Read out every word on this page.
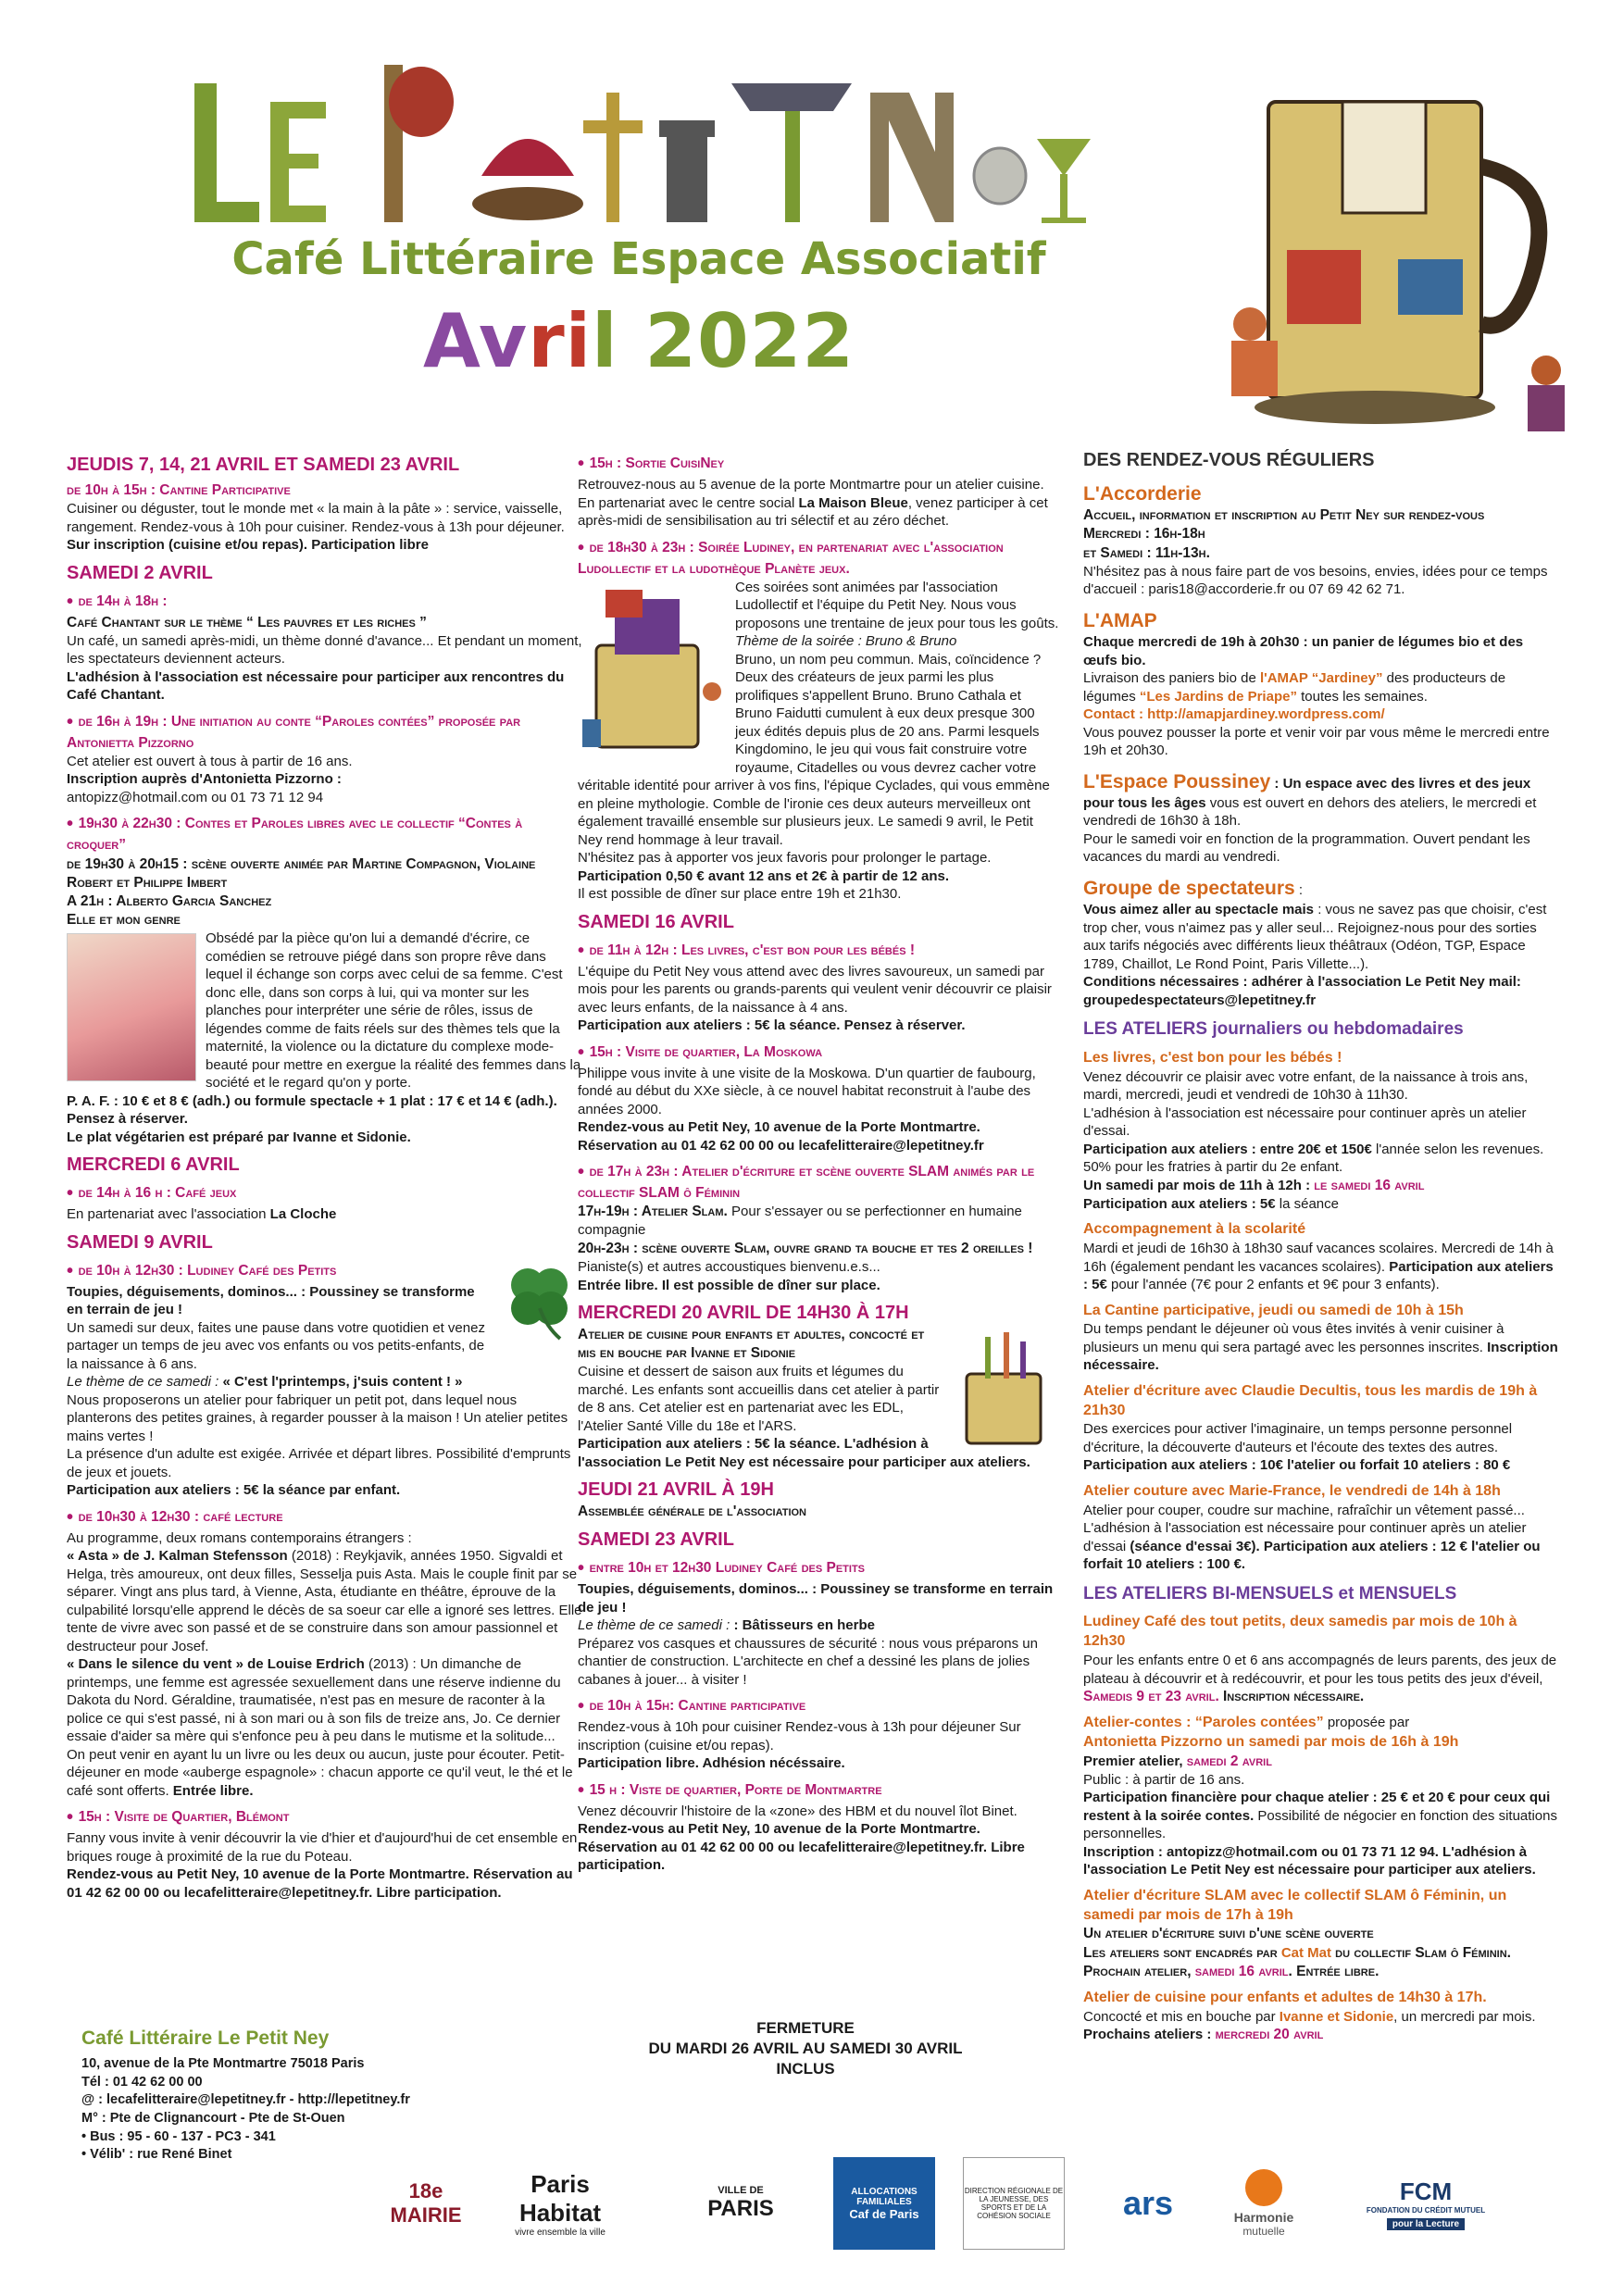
Café Littéraire Espace Associatif
Avril 2022
JEUDIS 7, 14, 21 AVRIL ET SAMEDI 23 AVRIL
de 10h à 15h : Cantine Participative
Cuisiner ou déguster, tout le monde met « la main à la pâte » : service, vaisselle, rangement. Rendez-vous à 10h pour cuisiner. Rendez-vous à 13h pour déjeuner.
Sur inscription (cuisine et/ou repas). Participation libre
SAMEDI 2 AVRIL
• de 14h à 18h :
Café Chantant sur le thème “ Les pauvres et les riches ”
Un café, un samedi après-midi, un thème donné d'avance... Et pendant un moment, les spectateurs deviennent acteurs.
L'adhésion à l'association est nécessaire pour participer aux rencontres du Café Chantant.
• de 16h à 19h : Une initiation au conte “Paroles contées” proposée par Antonietta Pizzorno
Cet atelier est ouvert à tous à partir de 16 ans.
Inscription auprès d'Antonietta Pizzorno :
antopizz@hotmail.com ou 01 73 71 12 94
• 19h30 à 22h30 : Contes et Paroles libres avec le collectif “Contes à croquer”
de 19h30 à 20h15 : scène ouverte animée par Martine Compagnon, Violaine Robert et Philippe Imbert
A 21h : Alberto Garcia Sanchez
Elle et mon genre
Obsédé par la pièce qu'on lui a demandé d'écrire, ce comédien se retrouve piégé dans son propre rêve dans lequel il échange son corps avec celui de sa femme. C'est donc elle, dans son corps à lui, qui va monter sur les planches pour interpréter une série de rôles, issus de légendes comme de faits réels sur des thèmes tels que la maternité, la violence ou la dictature du complexe mode-beauté pour mettre en exergue la réalité des femmes dans la société et le regard qu'on y porte.
P. A. F. : 10 € et 8 € (adh.) ou formule spectacle + 1 plat : 17 € et 14 € (adh.). Pensez à réserver.
Le plat végétarien est préparé par Ivanne et Sidonie.
MERCREDI 6 AVRIL
• de 14h à 16 h : Café jeux
En partenariat avec l'association La Cloche
SAMEDI 9 AVRIL
• de 10h à 12h30 : Ludiney Café des Petits
Toupies, déguisements, dominos... : Poussiney se transforme en terrain de jeu !
Un samedi sur deux, faites une pause dans votre quotidien et venez partager un temps de jeu avec vos enfants ou vos petits-enfants, de la naissance à 6 ans.
Le thème de ce samedi : « C'est l'printemps, j'suis content ! »
Nous proposerons un atelier pour fabriquer un petit pot, dans lequel nous planterons des petites graines, à regarder pousser à la maison ! Un atelier petites mains vertes !
La présence d'un adulte est exigée. Arrivée et départ libres. Possibilité d'emprunts de jeux et jouets.
Participation aux ateliers : 5€ la séance par enfant.
• de 10h30 à 12h30 : café lecture
Au programme, deux romans contemporains étrangers :
« Asta » de J. Kalman Stefensson (2018) : Reykjavik, années 1950. Sigvaldi et Helga, très amoureux, ont deux filles, Sesselja puis Asta. Mais le couple finit par se séparer. Vingt ans plus tard, à Vienne, Asta, étudiante en théâtre, éprouve de la culpabilité lorsqu'elle apprend le décès de sa soeur car elle a ignoré ses lettres. Elle tente de vivre avec son passé et de se construire dans son amour passionnel et destructeur pour Josef.
« Dans le silence du vent » de Louise Erdrich (2013) : Un dimanche de printemps, une femme est agressée sexuellement dans une réserve indienne du Dakota du Nord. Géraldine, traumatisée, n'est pas en mesure de raconter à la police ce qui s'est passé, ni à son mari ou à son fils de treize ans, Jo. Ce dernier essaie d'aider sa mère qui s'enfonce peu à peu dans le mutisme et la solitude...
On peut venir en ayant lu un livre ou les deux ou aucun, juste pour écouter. Petit-déjeuner en mode «auberge espagnole» : chacun apporte ce qu'il veut, le thé et le café sont offerts. Entrée libre.
• 15h : Visite de Quartier, Blémont
Fanny vous invite à venir découvrir la vie d'hier et d'aujourd'hui de cet ensemble en briques rouge à proximité de la rue du Poteau.
Rendez-vous au Petit Ney, 10 avenue de la Porte Montmartre. Réservation au 01 42 62 00 00 ou lecafelitteraire@lepetitney.fr. Libre participation.
• 15h : Sortie CuisiNey
Retrouvez-nous au 5 avenue de la porte Montmartre pour un atelier cuisine. En partenariat avec le centre social La Maison Bleue, venez participer à cet après-midi de sensibilisation au tri sélectif et au zéro déchet.
• de 18h30 à 23h : Soirée Ludiney, en partenariat avec l'association Ludollectif et la ludothèque Planète jeux.
Ces soirées sont animées par l'association Ludollectif et l'équipe du Petit Ney. Nous vous proposons une trentaine de jeux pour tous les goûts.
Thème de la soirée : Bruno & Bruno
Bruno, un nom peu commun. Mais, coïncidence ? Deux des créateurs de jeux parmi les plus prolifiques s'appellent Bruno. Bruno Cathala et Bruno Faidutti cumulent à eux deux presque 300 jeux édités depuis plus de 20 ans. Parmi lesquels Kingdomino, le jeu qui vous fait construire votre royaume, Citadelles ou vous devrez cacher votre véritable identité pour arriver à vos fins, l'épique Cyclades, qui vous emmène en pleine mythologie. Comble de l'ironie ces deux auteurs merveilleux ont également travaillé ensemble sur plusieurs jeux. Le samedi 9 avril, le Petit Ney rend hommage à leur travail.
N'hésitez pas à apporter vos jeux favoris pour prolonger le partage.
Participation 0,50 € avant 12 ans et 2€ à partir de 12 ans.
Il est possible de dîner sur place entre 19h et 21h30.
SAMEDI 16 AVRIL
• de 11h à 12h : Les livres, c'est bon pour les bébés !
L'équipe du Petit Ney vous attend avec des livres savoureux, un samedi par mois pour les parents ou grands-parents qui veulent venir découvrir ce plaisir avec leurs enfants, de la naissance à 4 ans.
Participation aux ateliers : 5€ la séance. Pensez à réserver.
• 15h : Visite de quartier, La Moskowa
Philippe vous invite à une visite de la Moskowa. D'un quartier de faubourg, fondé au début du XXe siècle, à ce nouvel habitat reconstruit à l'aube des années 2000.
Rendez-vous au Petit Ney, 10 avenue de la Porte Montmartre. Réservation au 01 42 62 00 00 ou lecafelitteraire@lepetitney.fr
• de 17h à 23h : Atelier d'écriture et scène ouverte SLAM animés par le collectif SLAM ô Féminin
17h-19h : Atelier Slam. Pour s'essayer ou se perfectionner en humaine compagnie
20h-23h : scène ouverte Slam, ouvre grand ta bouche et tes 2 oreilles ! Pianiste(s) et autres accoustiques bienvenu.e.s...
Entrée libre. Il est possible de dîner sur place.
MERCREDI 20 AVRIL DE 14H30 À 17H
Atelier de cuisine pour enfants et adultes, concocté et mis en bouche par Ivanne et Sidonie
Cuisine et dessert de saison aux fruits et légumes du marché. Les enfants sont accueillis dans cet atelier à partir de 8 ans. Cet atelier est en partenariat avec les EDL, l'Atelier Santé Ville du 18e et l'ARS.
Participation aux ateliers : 5€ la séance. L'adhésion à l'association Le Petit Ney est nécessaire pour participer aux ateliers.
JEUDI 21 AVRIL À 19H
Assemblée générale de l'association
SAMEDI 23 AVRIL
• entre 10h et 12h30 Ludiney Café des Petits
Toupies, déguisements, dominos... : Poussiney se transforme en terrain de jeu !
Le thème de ce samedi : : Bâtisseurs en herbe
Préparez vos casques et chaussures de sécurité : nous vous préparons un chantier de construction. L'architecte en chef a dessiné les plans de jolies cabanes à jouer... à visiter !
• de 10h à 15h: Cantine participative
Rendez-vous à 10h pour cuisiner Rendez-vous à 13h pour déjeuner Sur inscription (cuisine et/ou repas).
Participation libre. Adhésion nécéssaire.
• 15 h : Viste de quartier, Porte de Montmartre
Venez découvrir l'histoire de la «zone» des HBM et du nouvel îlot Binet.
Rendez-vous au Petit Ney, 10 avenue de la Porte Montmartre. Réservation au 01 42 62 00 00 ou lecafelitteraire@lepetitney.fr. Libre participation.
DES RENDEZ-VOUS RÉGULIERS
L'Accorderie
Accueil, information et inscription au Petit Ney sur rendez-vous
Mercredi : 16h-18h
et Samedi : 11h-13h.
N'hésitez pas à nous faire part de vos besoins, envies, idées pour ce temps d'accueil : paris18@accorderie.fr ou 07 69 42 62 71.
L'AMAP
Chaque mercredi de 19h à 20h30 : un panier de légumes bio et des œufs bio.
Livraison des paniers bio de l'AMAP “Jardiney” des producteurs de légumes “Les Jardins de Priape” toutes les semaines.
Contact : http://amapjardiney.wordpress.com/
Vous pouvez pousser la porte et venir voir par vous même le mercredi entre 19h et 20h30.
L'Espace Poussiney : Un espace avec des livres et des jeux pour tous les âges vous est ouvert en dehors des ateliers, le mercredi et vendredi de 16h30 à 18h.
Pour le samedi voir en fonction de la programmation. Ouvert pendant les vacances du mardi au vendredi.
Groupe de spectateurs :
Vous aimez aller au spectacle mais : vous ne savez pas que choisir, c'est trop cher, vous n'aimez pas y aller seul... Rejoignez-nous pour des sorties aux tarifs négociés avec différents lieux théâtraux (Odéon, TGP, Espace 1789, Chaillot, Le Rond Point, Paris Villette...).
Conditions nécessaires : adhérer à l'association Le Petit Ney mail: groupedespectateurs@lepetitney.fr
LES ATELIERS journaliers ou hebdomadaires
Les livres, c'est bon pour les bébés !
Venez découvrir ce plaisir avec votre enfant, de la naissance à trois ans, mardi, mercredi, jeudi et vendredi de 10h30 à 11h30.
L'adhésion à l'association est nécessaire pour continuer après un atelier d'essai.
Participation aux ateliers : entre 20€ et 150€ l'année selon les revenues. 50% pour les fratries à partir du 2e enfant.
Un samedi par mois de 11h à 12h : le samedi 16 avril
Participation aux ateliers : 5€ la séance
Accompagnement à la scolarité
Mardi et jeudi de 16h30 à 18h30 sauf vacances scolaires. Mercredi de 14h à 16h (également pendant les vacances scolaires). Participation aux ateliers : 5€ pour l'année (7€ pour 2 enfants et 9€ pour 3 enfants).
La Cantine participative, jeudi ou samedi de 10h à 15h
Du temps pendant le déjeuner où vous êtes invités à venir cuisiner à plusieurs un menu qui sera partagé avec les personnes inscrites. Inscription nécessaire.
Atelier d'écriture avec Claudie Decultis, tous les mardis de 19h à 21h30
Des exercices pour activer l'imaginaire, un temps personne personnel d'écriture, la découverte d'auteurs et l'écoute des textes des autres.
Participation aux ateliers : 10€ l'atelier ou forfait 10 ateliers : 80 €
Atelier couture avec Marie-France, le vendredi de 14h à 18h
Atelier pour couper, coudre sur machine, rafraîchir un vêtement passé... L'adhésion à l'association est nécessaire pour continuer après un atelier d'essai (séance d'essai 3€). Participation aux ateliers : 12 € l'atelier ou forfait 10 ateliers : 100 €.
LES ATELIERS BI-MENSUELS et MENSUELS
Ludiney Café des tout petits, deux samedis par mois de 10h à 12h30
Pour les enfants entre 0 et 6 ans accompagnés de leurs parents, des jeux de plateau à découvrir et à redécouvrir, et pour les tous petits des jeux d'éveil, Samedis 9 et 23 avril. Inscription nécessaire.
Atelier-contes : “Paroles contées” proposée par
Antonietta Pizzorno un samedi par mois de 16h à 19h
Premier atelier, samedi 2 avril
Public : à partir de 16 ans.
Participation financière pour chaque atelier : 25 € et 20 € pour ceux qui restent à la soirée contes. Possibilité de négocier en fonction des situations personnelles.
Inscription : antopizz@hotmail.com ou 01 73 71 12 94. L'adhésion à l'association Le Petit Ney est nécessaire pour participer aux ateliers.
Atelier d'écriture SLAM avec le collectif SLAM ô Féminin, un samedi par mois de 17h à 19h
Un atelier d'écriture suivi d'une scène ouverte
Les ateliers sont encadrés par Cat Mat du collectif Slam ô Féminin. Prochain atelier, samedi 16 avril. Entrée libre.
Atelier de cuisine pour enfants et adultes de 14h30 à 17h.
Concocté et mis en bouche par Ivanne et Sidonie, un mercredi par mois. Prochains ateliers : mercredi 20 avril
Café Littéraire Le Petit Ney
10, avenue de la Pte Montmartre 75018 Paris
Tél : 01 42 62 00 00
@ : lecafelitteraire@lepetitney.fr - http://lepetitney.fr
M° : Pte de Clignancourt - Pte de St-Ouen
• Bus : 95 - 60 - 137 - PC3 - 341
• Vélib' : rue René Binet
FERMETURE
DU MARDI 26 AVRIL AU SAMEDI 30 AVRIL
INCLUS
18e MAIRIE
Paris
Habitat
vivre ensemble la ville
VILLE DE
PARIS
ALLOCATIONS FAMILIALES
Caf de Paris
DIRECTION RÉGIONALE DE LA JEUNESSE, DES SPORTS ET DE LA COHÉSION SOCIALE	ars	Harmonie
mutuelle
FCM
FONDATION DU CRÉDIT MUTUEL
pour la Lecture
